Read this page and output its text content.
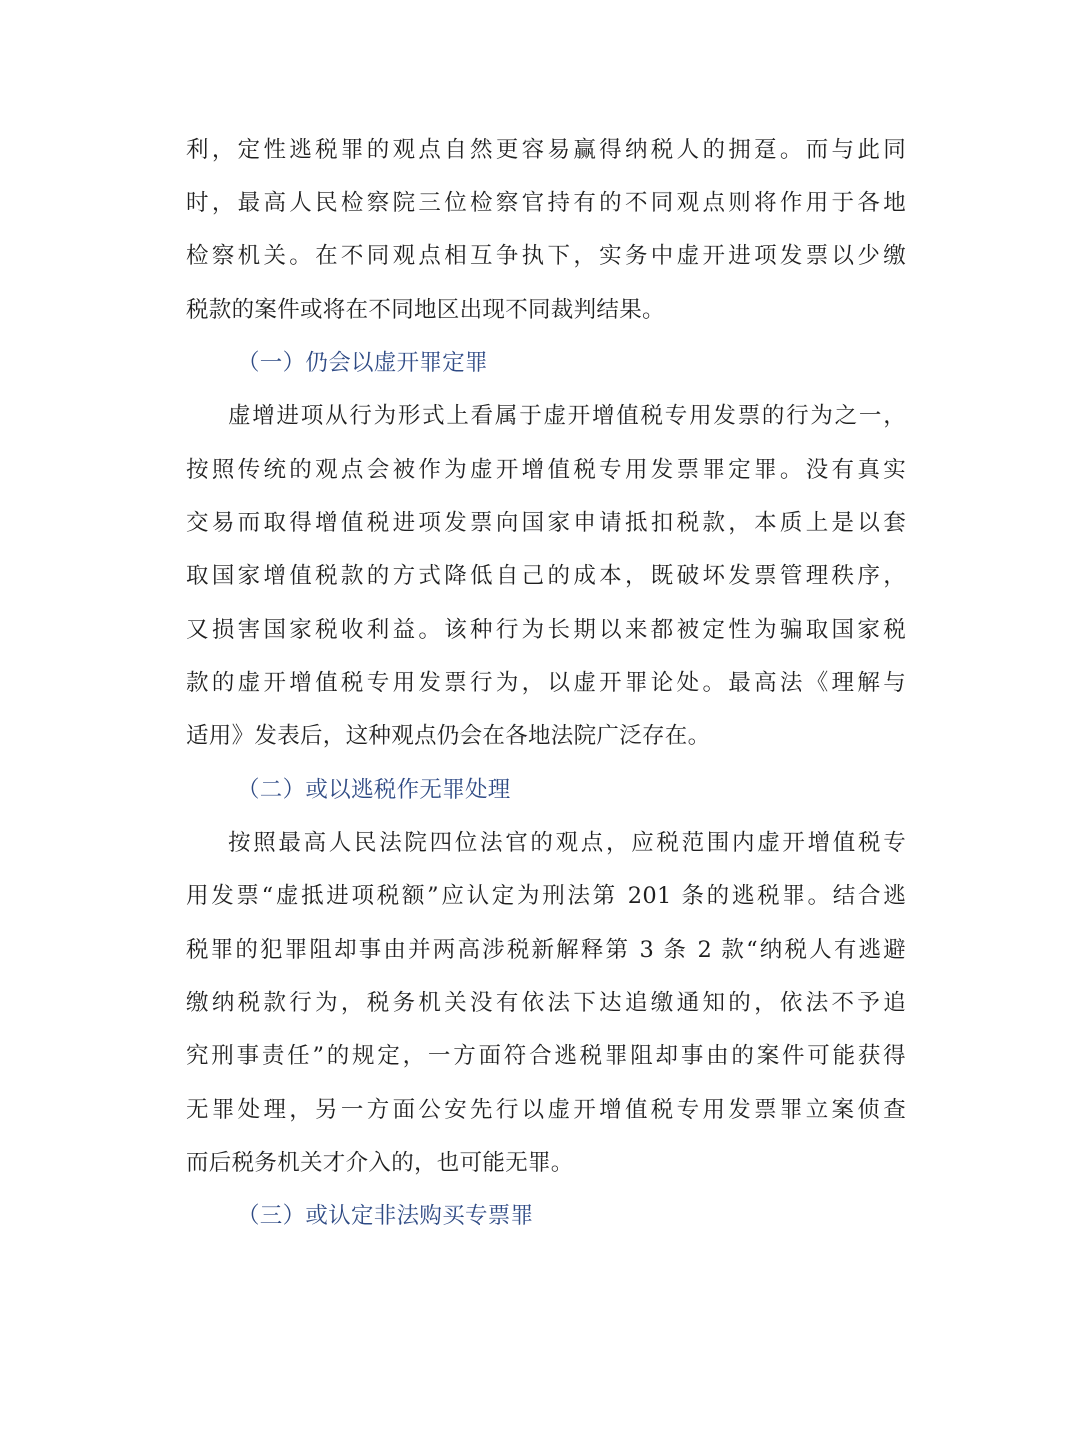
利，定性逃税罪的观点自然更容易赢得纳税人的拥趸。而与此同
时，最高人民检察院三位检察官持有的不同观点则将作用于各地
检察机关。在不同观点相互争执下，实务中虚开进项发票以少缴
税款的案件或将在不同地区出现不同裁判结果。
（一）仍会以虚开罪定罪
虚增进项从行为形式上看属于虚开增值税专用发票的行为之一，
按照传统的观点会被作为虚开增值税专用发票罪定罪。没有真实
交易而取得增值税进项发票向国家申请抵扣税款，本质上是以套
取国家增值税款的方式降低自己的成本，既破坏发票管理秩序，
又损害国家税收利益。该种行为长期以来都被定性为骗取国家税
款的虚开增值税专用发票行为，以虚开罪论处。最高法《理解与
适用》发表后，这种观点仍会在各地法院广泛存在。
（二）或以逃税作无罪处理
按照最高人民法院四位法官的观点，应税范围内虚开增值税专
用发票“虚抵进项税额”应认定为刑法第 201 条的逃税罪。结合逃
税罪的犯罪阻却事由并两高涉税新解释第 3 条 2 款“纳税人有逃避
缴纳税款行为，税务机关没有依法下达追缴通知的，依法不予追
究刑事责任”的规定，一方面符合逃税罪阻却事由的案件可能获得
无罪处理，另一方面公安先行以虚开增值税专用发票罪立案侦查
而后税务机关才介入的，也可能无罪。
（三）或认定非法购买专票罪
